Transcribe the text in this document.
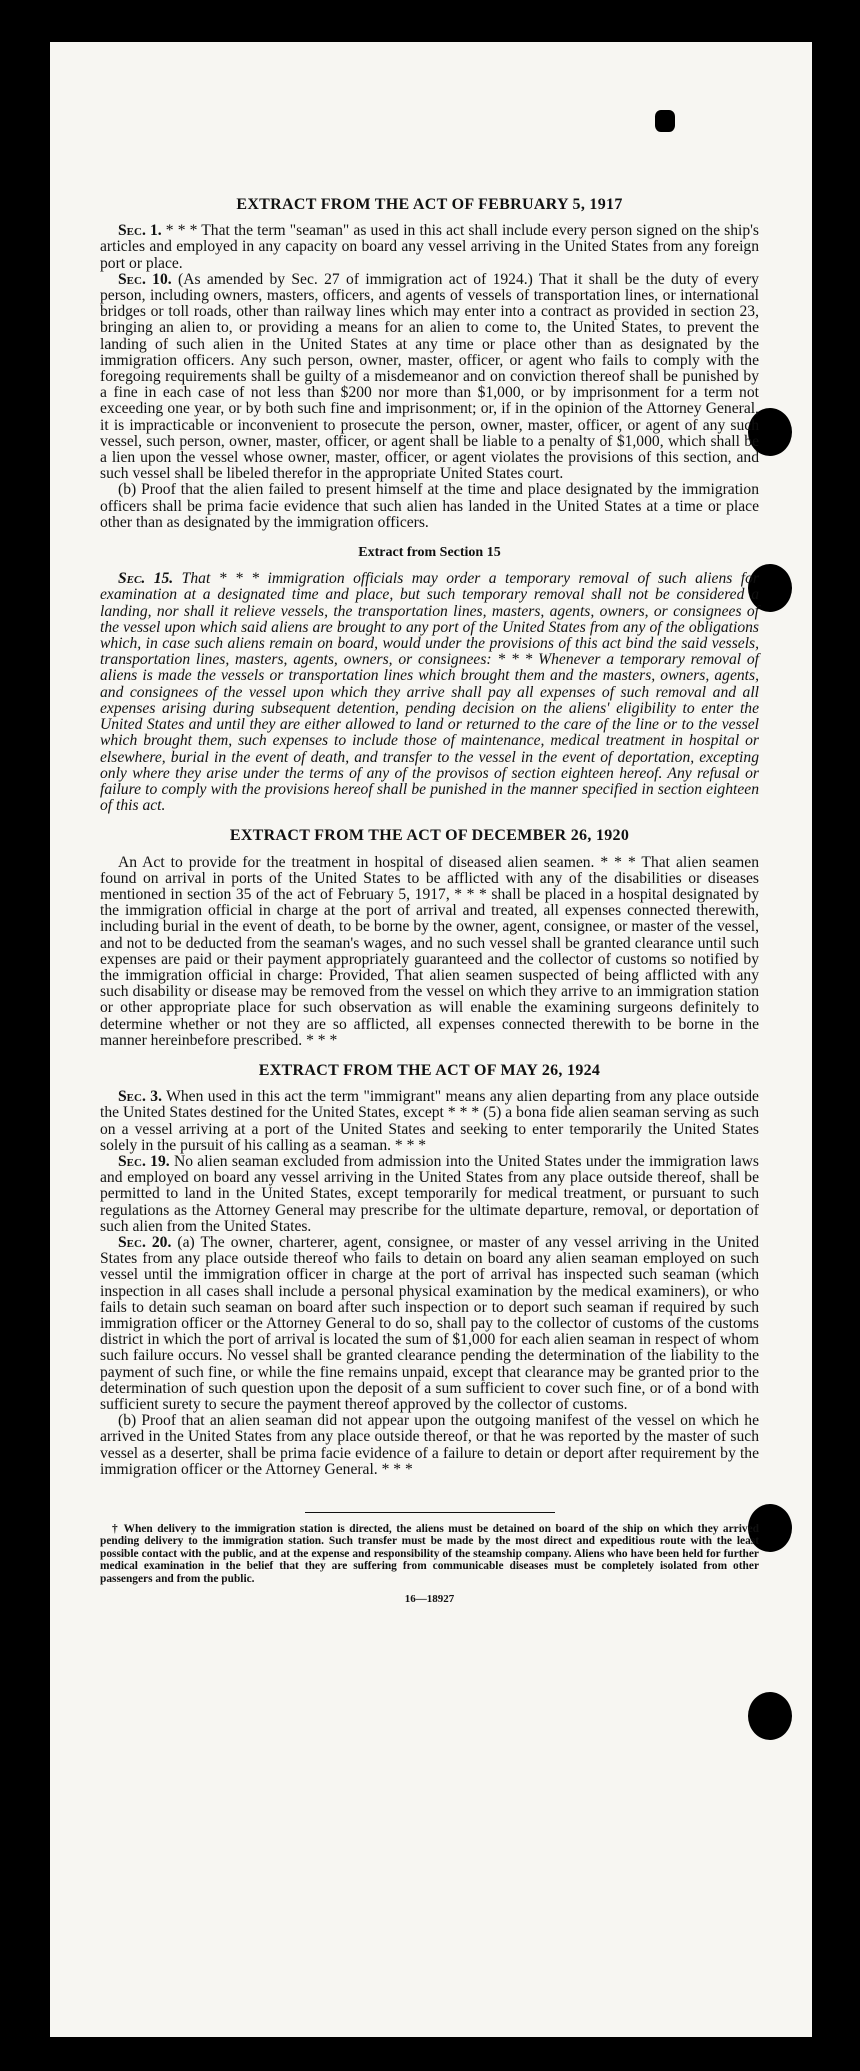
EXTRACT FROM THE ACT OF FEBRUARY 5, 1917

Sec. 1. * * * That the term "seaman" as used in this act shall include every person signed on the ship's articles and employed in any capacity on board any vessel arriving in the United States from any foreign port or place.

Sec. 10. (As amended by Sec. 27 of immigration act of 1924.) That it shall be the duty of every person, including owners, masters, officers, and agents of vessels of transportation lines, or international bridges or toll roads, other than railway lines which may enter into a contract as provided in section 23, bringing an alien to, or providing a means for an alien to come to, the United States, to prevent the landing of such alien in the United States at any time or place other than as designated by the immigration officers. Any such person, owner, master, officer, or agent who fails to comply with the foregoing requirements shall be guilty of a misdemeanor and on conviction thereof shall be punished by a fine in each case of not less than $200 nor more than $1,000, or by imprisonment for a term not exceeding one year, or by both such fine and imprisonment; or, if in the opinion of the Attorney General, it is impracticable or inconvenient to prosecute the person, owner, master, officer, or agent of any such vessel, such person, owner, master, officer, or agent shall be liable to a penalty of $1,000, which shall be a lien upon the vessel whose owner, master, officer, or agent violates the provisions of this section, and such vessel shall be libeled therefor in the appropriate United States court.

(b) Proof that the alien failed to present himself at the time and place designated by the immigration officers shall be prima facie evidence that such alien has landed in the United States at a time or place other than as designated by the immigration officers.

Extract from Section 15

Sec. 15. That * * * immigration officials may order a temporary removal of such aliens for examination at a designated time and place, but such temporary removal shall not be considered a landing, nor shall it relieve vessels, the transportation lines, masters, agents, owners, or consignees of the vessel upon which said aliens are brought to any port of the United States from any of the obligations which, in case such aliens remain on board, would under the provisions of this act bind the said vessels, transportation lines, masters, agents, owners, or consignees: * * * Whenever a temporary removal of aliens is made the vessels or transportation lines which brought them and the masters, owners, agents, and consignees of the vessel upon which they arrive shall pay all expenses of such removal and all expenses arising during subsequent detention, pending decision on the aliens' eligibility to enter the United States and until they are either allowed to land or returned to the care of the line or to the vessel which brought them, such expenses to include those of maintenance, medical treatment in hospital or elsewhere, burial in the event of death, and transfer to the vessel in the event of deportation, excepting only where they arise under the terms of any of the provisos of section eighteen hereof. Any refusal or failure to comply with the provisions hereof shall be punished in the manner specified in section eighteen of this act.

EXTRACT FROM THE ACT OF DECEMBER 26, 1920

An Act to provide for the treatment in hospital of diseased alien seamen. * * * That alien seamen found on arrival in ports of the United States to be afflicted with any of the disabilities or diseases mentioned in section 35 of the act of February 5, 1917, * * * shall be placed in a hospital designated by the immigration official in charge at the port of arrival and treated, all expenses connected therewith, including burial in the event of death, to be borne by the owner, agent, consignee, or master of the vessel, and not to be deducted from the seaman's wages, and no such vessel shall be granted clearance until such expenses are paid or their payment appropriately guaranteed and the collector of customs so notified by the immigration official in charge: Provided, That alien seamen suspected of being afflicted with any such disability or disease may be removed from the vessel on which they arrive to an immigration station or other appropriate place for such observation as will enable the examining surgeons definitely to determine whether or not they are so afflicted, all expenses connected therewith to be borne in the manner hereinbefore prescribed. * * *

EXTRACT FROM THE ACT OF MAY 26, 1924

Sec. 3. When used in this act the term "immigrant" means any alien departing from any place outside the United States destined for the United States, except * * * (5) a bona fide alien seaman serving as such on a vessel arriving at a port of the United States and seeking to enter temporarily the United States solely in the pursuit of his calling as a seaman. * * *

Sec. 19. No alien seaman excluded from admission into the United States under the immigration laws and employed on board any vessel arriving in the United States from any place outside thereof, shall be permitted to land in the United States, except temporarily for medical treatment, or pursuant to such regulations as the Attorney General may prescribe for the ultimate departure, removal, or deportation of such alien from the United States.

Sec. 20. (a) The owner, charterer, agent, consignee, or master of any vessel arriving in the United States from any place outside thereof who fails to detain on board any alien seaman employed on such vessel until the immigration officer in charge at the port of arrival has inspected such seaman (which inspection in all cases shall include a personal physical examination by the medical examiners), or who fails to detain such seaman on board after such inspection or to deport such seaman if required by such immigration officer or the Attorney General to do so, shall pay to the collector of customs of the customs district in which the port of arrival is located the sum of $1,000 for each alien seaman in respect of whom such failure occurs. No vessel shall be granted clearance pending the determination of the liability to the payment of such fine, or while the fine remains unpaid, except that clearance may be granted prior to the determination of such question upon the deposit of a sum sufficient to cover such fine, or of a bond with sufficient surety to secure the payment thereof approved by the collector of customs.

(b) Proof that an alien seaman did not appear upon the outgoing manifest of the vessel on which he arrived in the United States from any place outside thereof, or that he was reported by the master of such vessel as a deserter, shall be prima facie evidence of a failure to detain or deport after requirement by the immigration officer or the Attorney General. * * *

† When delivery to the immigration station is directed, the aliens must be detained on board of the ship on which they arrived pending delivery to the immigration station. Such transfer must be made by the most direct and expeditious route with the least possible contact with the public, and at the expense and responsibility of the steamship company. Aliens who have been held for further medical examination in the belief that they are suffering from communicable diseases must be completely isolated from other passengers and from the public.

16—18927
